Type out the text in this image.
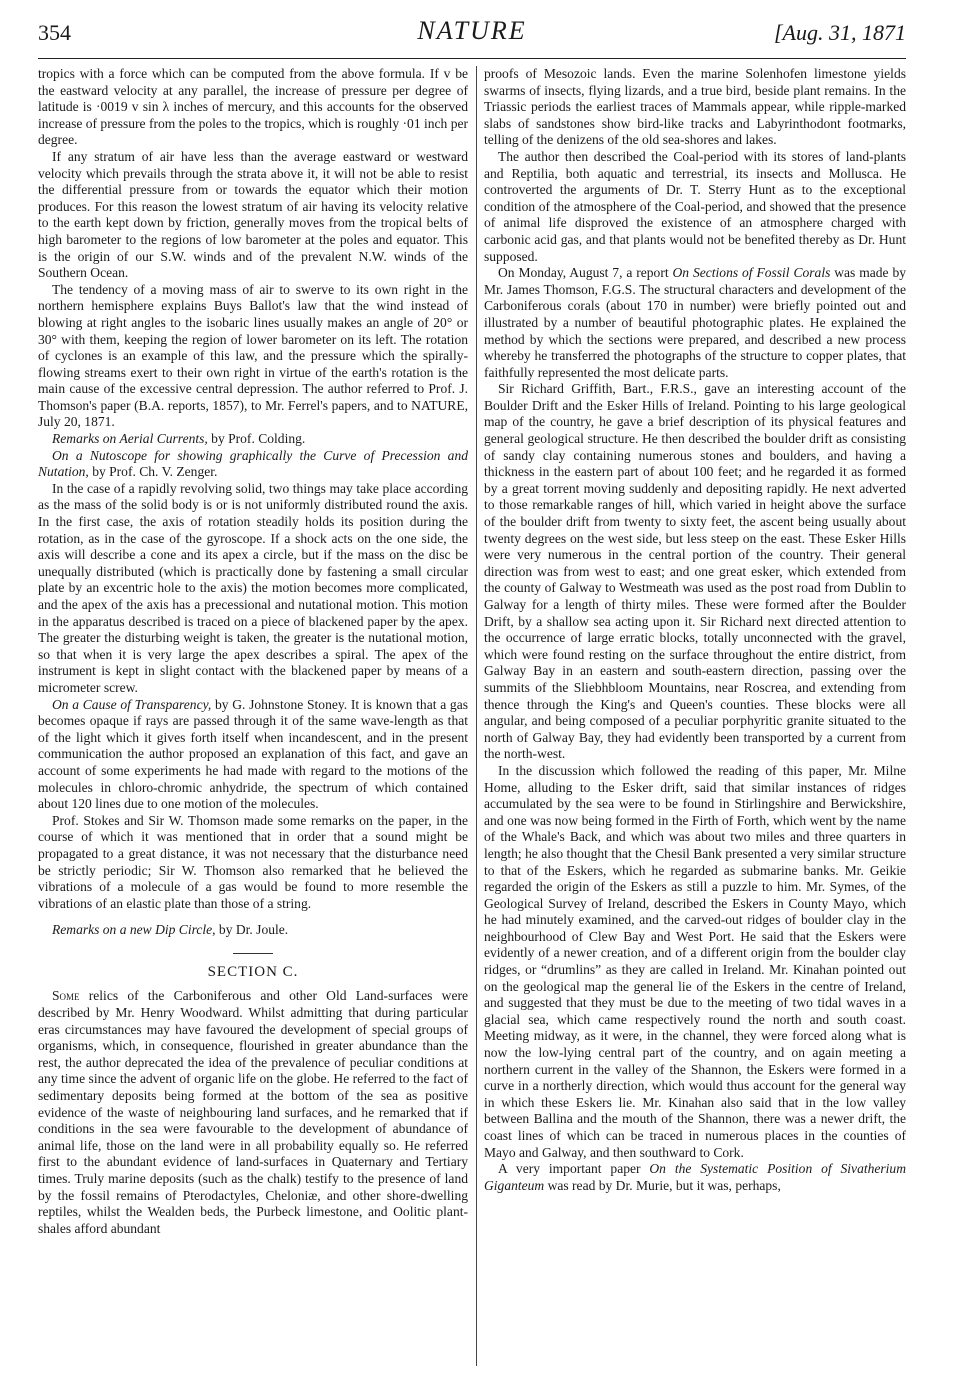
354	NATURE	[Aug. 31, 1871

tropics with a force which can be computed from the above formula. If v be the eastward velocity at any parallel, the increase of pressure per degree of latitude is ·0019 v sin λ inches of mercury, and this accounts for the observed increase of pressure from the poles to the tropics, which is roughly ·01 inch per degree.

If any stratum of air have less than the average eastward or westward velocity which prevails through the strata above it, it will not be able to resist the differential pressure from or towards the equator which their motion produces. For this reason the lowest stratum of air having its velocity relative to the earth kept down by friction, generally moves from the tropical belts of high barometer to the regions of low barometer at the poles and equator. This is the origin of our S.W. winds and of the prevalent N.W. winds of the Southern Ocean.

The tendency of a moving mass of air to swerve to its own right in the northern hemisphere explains Buys Ballot's law that the wind instead of blowing at right angles to the isobaric lines usually makes an angle of 20° or 30° with them, keeping the region of lower barometer on its left. The rotation of cyclones is an example of this law, and the pressure which the spirally-flowing streams exert to their own right in virtue of the earth's rotation is the main cause of the excessive central depression. The author referred to Prof. J. Thomson's paper (B.A. reports, 1857), to Mr. Ferrel's papers, and to NATURE, July 20, 1871.

Remarks on Aerial Currents, by Prof. Colding.

On a Nutoscope for showing graphically the Curve of Precession and Nutation, by Prof. Ch. V. Zenger.

In the case of a rapidly revolving solid, two things may take place according as the mass of the solid body is or is not uniformly distributed round the axis. In the first case, the axis of rotation steadily holds its position during the rotation, as in the case of the gyroscope. If a shock acts on the one side, the axis will describe a cone and its apex a circle, but if the mass on the disc be unequally distributed (which is practically done by fastening a small circular plate by an excentric hole to the axis) the motion becomes more complicated, and the apex of the axis has a precessional and nutational motion. This motion in the apparatus described is traced on a piece of blackened paper by the apex. The greater the disturbing weight is taken, the greater is the nutational motion, so that when it is very large the apex describes a spiral. The apex of the instrument is kept in slight contact with the blackened paper by means of a micrometer screw.

On a Cause of Transparency, by G. Johnstone Stoney. It is known that a gas becomes opaque if rays are passed through it of the same wave-length as that of the light which it gives forth itself when incandescent, and in the present communication the author proposed an explanation of this fact, and gave an account of some experiments he had made with regard to the motions of the molecules in chloro-chromic anhydride, the spectrum of which contained about 120 lines due to one motion of the molecules.

Prof. Stokes and Sir W. Thomson made some remarks on the paper, in the course of which it was mentioned that in order that a sound might be propagated to a great distance, it was not necessary that the disturbance need be strictly periodic; Sir W. Thomson also remarked that he believed the vibrations of a molecule of a gas would be found to more resemble the vibrations of an elastic plate than those of a string.

Remarks on a new Dip Circle, by Dr. Joule.

SECTION C.

Some relics of the Carboniferous and other Old Land-surfaces were described by Mr. Henry Woodward. Whilst admitting that during particular eras circumstances may have favoured the development of special groups of organisms, which, in consequence, flourished in greater abundance than the rest, the author deprecated the idea of the prevalence of peculiar conditions at any time since the advent of organic life on the globe. He referred to the fact of sedimentary deposits being formed at the bottom of the sea as positive evidence of the waste of neighbouring land surfaces, and he remarked that if conditions in the sea were favourable to the development of abundance of animal life, those on the land were in all probability equally so. He referred first to the abundant evidence of land-surfaces in Quaternary and Tertiary times. Truly marine deposits (such as the chalk) testify to the presence of land by the fossil remains of Pterodactyles, Cheloniæ, and other shore-dwelling reptiles, whilst the Wealden beds, the Purbeck limestone, and Oolitic plant-shales afford abundant

proofs of Mesozoic lands. Even the marine Solenhofen limestone yields swarms of insects, flying lizards, and a true bird, beside plant remains. In the Triassic periods the earliest traces of Mammals appear, while ripple-marked slabs of sandstones show bird-like tracks and Labyrinthodont footmarks, telling of the denizens of the old sea-shores and lakes.

The author then described the Coal-period with its stores of land-plants and Reptilia, both aquatic and terrestrial, its insects and Mollusca. He controverted the arguments of Dr. T. Sterry Hunt as to the exceptional condition of the atmosphere of the Coal-period, and showed that the presence of animal life disproved the existence of an atmosphere charged with carbonic acid gas, and that plants would not be benefited thereby as Dr. Hunt supposed.

On Monday, August 7, a report On Sections of Fossil Corals was made by Mr. James Thomson, F.G.S. The structural characters and development of the Carboniferous corals (about 170 in number) were briefly pointed out and illustrated by a number of beautiful photographic plates. He explained the method by which the sections were prepared, and described a new process whereby he transferred the photographs of the structure to copper plates, that faithfully represented the most delicate parts.

Sir Richard Griffith, Bart., F.R.S., gave an interesting account of the Boulder Drift and the Esker Hills of Ireland. Pointing to his large geological map of the country, he gave a brief description of its physical features and general geological structure. He then described the boulder drift as consisting of sandy clay containing numerous stones and boulders, and having a thickness in the eastern part of about 100 feet; and he regarded it as formed by a great torrent moving suddenly and depositing rapidly. He next adverted to those remarkable ranges of hill, which varied in height above the surface of the boulder drift from twenty to sixty feet, the ascent being usually about twenty degrees on the west side, but less steep on the east. These Esker Hills were very numerous in the central portion of the country. Their general direction was from west to east; and one great esker, which extended from the county of Galway to Westmeath was used as the post road from Dublin to Galway for a length of thirty miles. These were formed after the Boulder Drift, by a shallow sea acting upon it. Sir Richard next directed attention to the occurrence of large erratic blocks, totally unconnected with the gravel, which were found resting on the surface throughout the entire district, from Galway Bay in an eastern and south-eastern direction, passing over the summits of the Sliebhbloom Mountains, near Roscrea, and extending from thence through the King's and Queen's counties. These blocks were all angular, and being composed of a peculiar porphyritic granite situated to the north of Galway Bay, they had evidently been transported by a current from the north-west.

In the discussion which followed the reading of this paper, Mr. Milne Home, alluding to the Esker drift, said that similar instances of ridges accumulated by the sea were to be found in Stirlingshire and Berwickshire, and one was now being formed in the Firth of Forth, which went by the name of the Whale's Back, and which was about two miles and three quarters in length; he also thought that the Chesil Bank presented a very similar structure to that of the Eskers, which he regarded as submarine banks. Mr. Geikie regarded the origin of the Eskers as still a puzzle to him. Mr. Symes, of the Geological Survey of Ireland, described the Eskers in County Mayo, which he had minutely examined, and the carved-out ridges of boulder clay in the neighbourhood of Clew Bay and West Port. He said that the Eskers were evidently of a newer creation, and of a different origin from the boulder clay ridges, or “drumlins” as they are called in Ireland. Mr. Kinahan pointed out on the geological map the general lie of the Eskers in the centre of Ireland, and suggested that they must be due to the meeting of two tidal waves in a glacial sea, which came respectively round the north and south coast. Meeting midway, as it were, in the channel, they were forced along what is now the low-lying central part of the country, and on again meeting a northern current in the valley of the Shannon, the Eskers were formed in a curve in a northerly direction, which would thus account for the general way in which these Eskers lie. Mr. Kinahan also said that in the low valley between Ballina and the mouth of the Shannon, there was a newer drift, the coast lines of which can be traced in numerous places in the counties of Mayo and Galway, and then southward to Cork.

A very important paper On the Systematic Position of Sivatherium Giganteum was read by Dr. Murie, but it was, perhaps,
